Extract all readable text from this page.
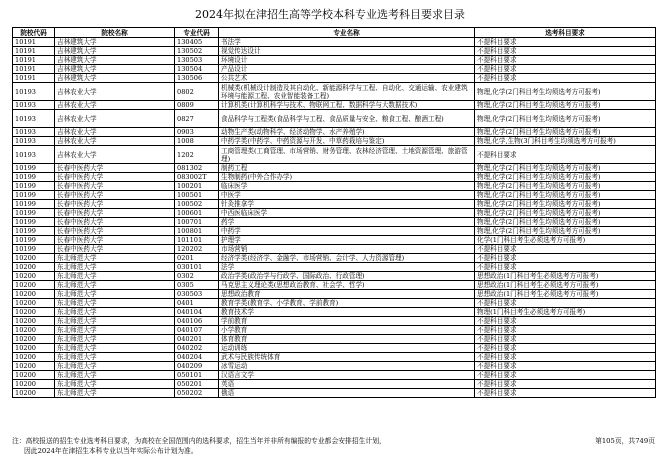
2024年拟在津招生高等学校本科专业选考科目要求目录
院校代码	院校名称	专业代码	专业名称	选考科目要求
10191	吉林建筑大学	130405	书法学	不提科目要求
10191	吉林建筑大学	130502	视觉传达设计	不提科目要求
10191	吉林建筑大学	130503	环境设计	不提科目要求
10191	吉林建筑大学	130504	产品设计	不提科目要求
10191	吉林建筑大学	130506	公共艺术	不提科目要求
10193	吉林农业大学	0802	机械类(机械设计制造及其自动化、新能源科学与工程、自动化、交通运输、农业建筑环境与能源工程、农业智能装备工程)	物理,化学(2门科目考生均须选考方可报考)
10193	吉林农业大学	0809	计算机类(计算机科学与技术、物联网工程、数据科学与大数据技术)	物理,化学(2门科目考生均须选考方可报考)
10193	吉林农业大学	0827	食品科学与工程类(食品科学与工程、食品质量与安全、粮食工程、酿酒工程)	物理,化学(2门科目考生均须选考方可报考)
10193	吉林农业大学	0903	动物生产类(动物科学、经济动物学、水产养殖学)	物理,化学(2门科目考生均须选考方可报考)
10193	吉林农业大学	1008	中药学类(中药学、中药资源与开发、中草药栽培与鉴定)	物理,化学,生物(3门科目考生均须选考方可报考)
10193	吉林农业大学	1202	工商管理类(工商管理、市场营销、财务管理、农林经济管理、土地资源管理、旅游管理)	不提科目要求
10199	长春中医药大学	081302	制药工程	物理,化学(2门科目考生均须选考方可报考)
10199	长春中医药大学	083002T	生物制药(中外合作办学)	物理,化学(2门科目考生均须选考方可报考)
10199	长春中医药大学	100201	临床医学	物理,化学(2门科目考生均须选考方可报考)
10199	长春中医药大学	100501	中医学	物理,化学(2门科目考生均须选考方可报考)
10199	长春中医药大学	100502	针灸推拿学	物理,化学(2门科目考生均须选考方可报考)
10199	长春中医药大学	100601	中西医临床医学	物理,化学(2门科目考生均须选考方可报考)
10199	长春中医药大学	100701	药学	物理,化学(2门科目考生均须选考方可报考)
10199	长春中医药大学	100801	中药学	物理,化学(2门科目考生均须选考方可报考)
10199	长春中医药大学	101101	护理学	化学(1门科目考生必须选考方可报考)
10199	长春中医药大学	120202	市场营销	不提科目要求
10200	东北师范大学	0201	经济学类(经济学、金融学、市场营销、会计学、人力资源管理)	不提科目要求
10200	东北师范大学	030101	法学	不提科目要求
10200	东北师范大学	0302	政治学类(政治学与行政学、国际政治、行政管理)	思想政治(1门科目考生必须选考方可报考)
10200	东北师范大学	0305	马克思主义理论类(思想政治教育、社会学、哲学)	思想政治(1门科目考生必须选考方可报考)
10200	东北师范大学	030503	思想政治教育	思想政治(1门科目考生必须选考方可报考)
10200	东北师范大学	0401	教育学类(教育学、小学教育、学前教育)	不提科目要求
10200	东北师范大学	040104	教育技术学	物理(1门科目考生必须选考方可报考)
10200	东北师范大学	040106	学前教育	不提科目要求
10200	东北师范大学	040107	小学教育	不提科目要求
10200	东北师范大学	040201	体育教育	不提科目要求
10200	东北师范大学	040202	运动训练	不提科目要求
10200	东北师范大学	040204	武术与民族传统体育	不提科目要求
10200	东北师范大学	040209	冰雪运动	不提科目要求
10200	东北师范大学	050101	汉语言文学	不提科目要求
10200	东北师范大学	050201	英语	不提科目要求
10200	东北师范大学	050202	俄语	不提科目要求
注：高校报送的招生专业选考科目要求，为高校在全国范围内的选科要求，招生当年并非所有编报的专业都会安排招生计划，
因此2024年在津招生本科专业以当年实际公布计划为准。
第105页，共749页
